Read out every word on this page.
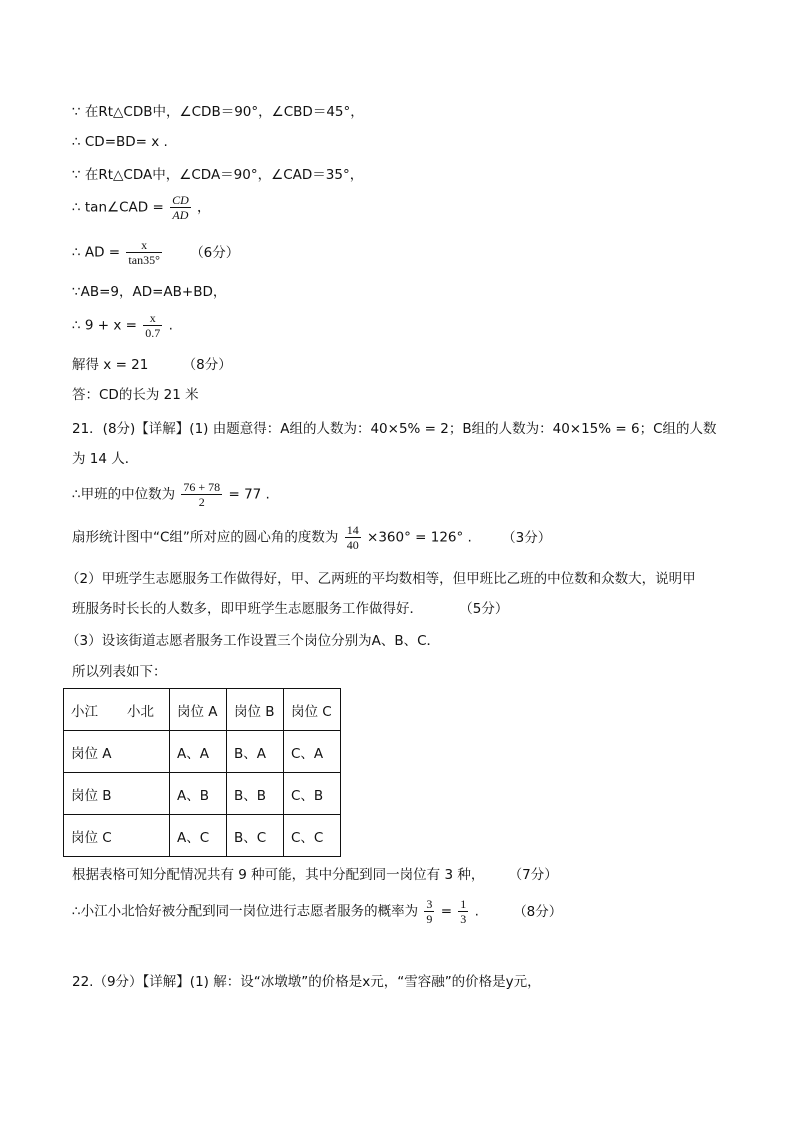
∵ 在Rt△CDB中，∠CDB＝90°，∠CBD＝45°，
∴ CD=BD= x .
∵ 在Rt△CDA中，∠CDA＝90°，∠CAD＝35°，
∴ tan∠CAD = $\frac{CD}{AD}$ ，
∴ AD = $\frac{x}{\tan 35^\circ} (6$分）
∵AB=9，AD=AB+BD，
∴ $9 + x = \frac{x}{0.7}$ .
解得 x = 21	（8分）
答：CD的长为 21 米
21．(8分)【详解】(1) 由题意得：A组的人数为：40×5% = 2；B组的人数为：40×15% = 6；C组的人数
为 14 人．
∴甲班的中位数为 $\frac{76 + 78}{2} = 77$ .
扇形统计图中“C组”所对应的圆心角的度数为 $\frac{14}{40} \times 360^\circ = 126^\circ$ . （3分）
（2）甲班学生志愿服务工作做得好，甲、乙两班的平均数相等，但甲班比乙班的中位数和众数大，说明甲
班服务时长长的人数多，即甲班学生志愿服务工作做得好．	（5分）
（3）设该街道志愿者服务工作设置三个岗位分别为A、B、C．
所以列表如下：
小江 小北	岗位 A	岗位 B	岗位 C
岗位 A	A、A	B、A	C、A
岗位 B	A、B	B、B	C、B
岗位 C	A、C	B、C	C、C
根据表格可知分配情况共有 9 种可能，其中分配到同一岗位有 3 种， （7分）
∴小江小北恰好被分配到同一岗位进行志愿者服务的概率为 $\frac{3}{9} = \frac{1}{3}$ .	（8分）
22.（9分）【详解】(1) 解：设“冰墩墩”的价格是x元，“雪容融”的价格是y元，
